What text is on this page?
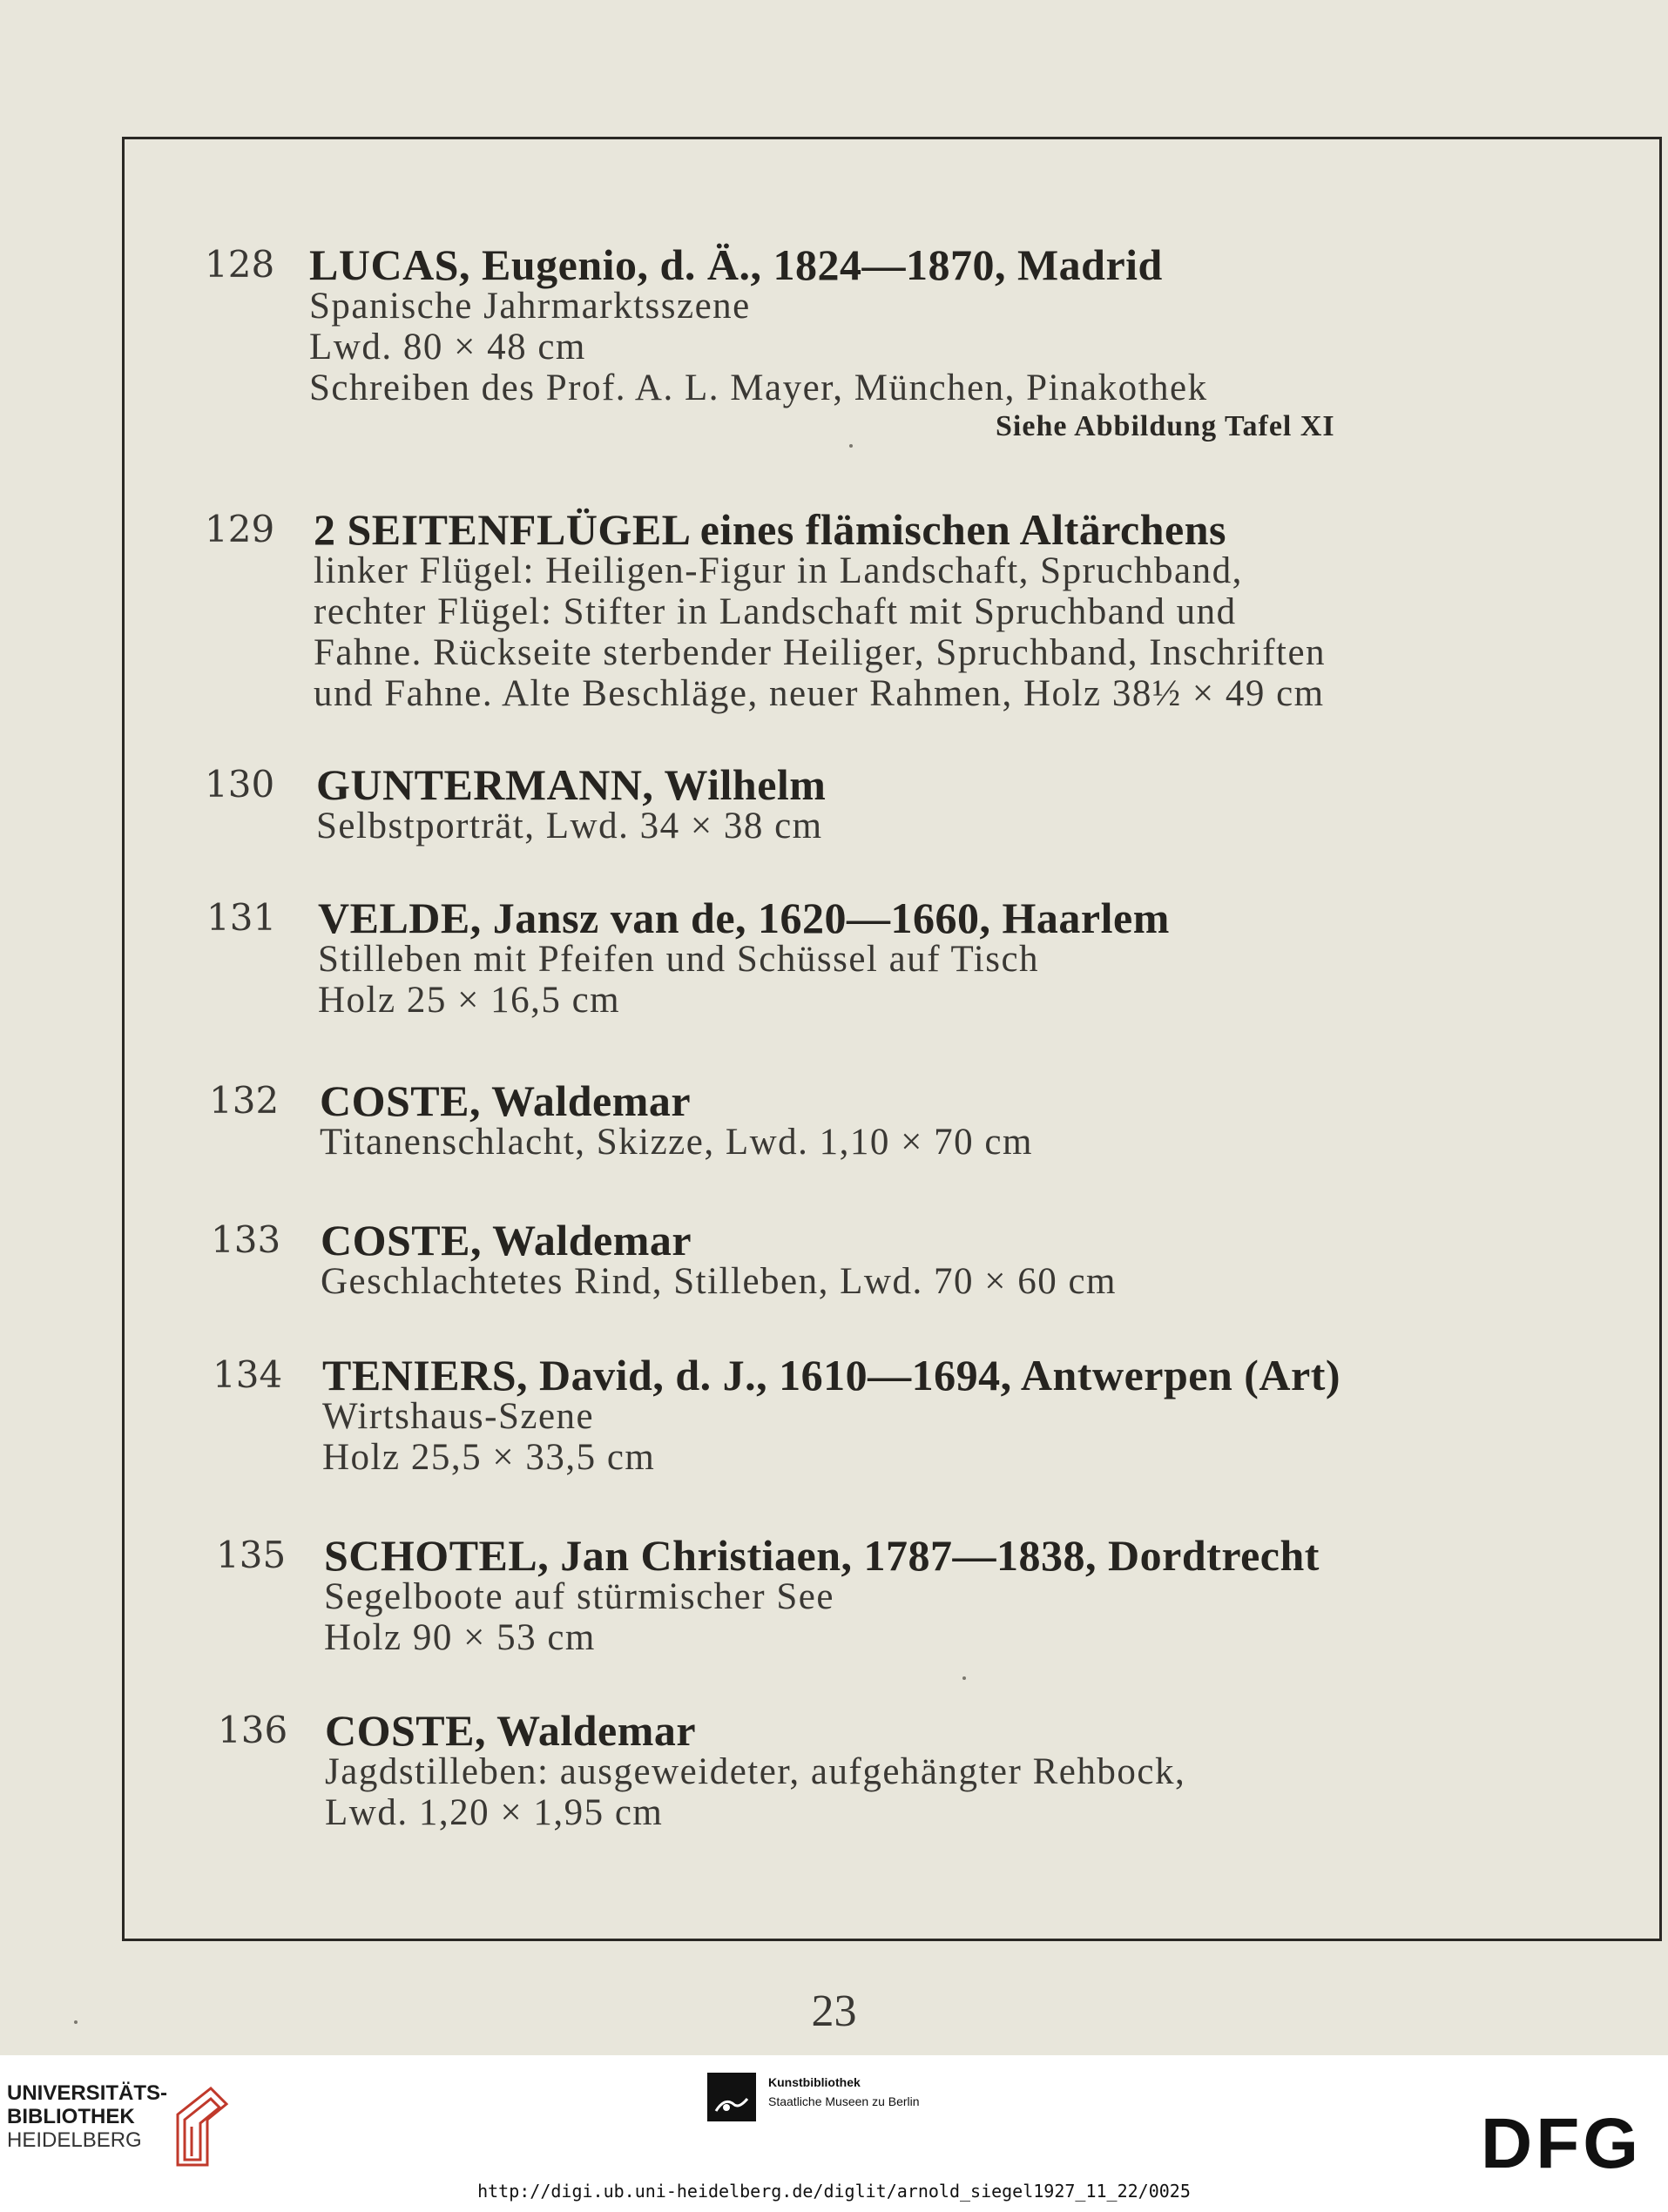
128 LUCAS, Eugenio, d. Ä., 1824—1870, Madrid
Spanische Jahrmarktsszene
Lwd. 80 × 48 cm
Schreiben des Prof. A. L. Mayer, München, Pinakothek
Siehe Abbildung Tafel XI
129 2 SEITENFLÜGEL eines flämischen Altärchens
linker Flügel: Heiligen-Figur in Landschaft, Spruchband,
rechter Flügel: Stifter in Landschaft mit Spruchband und
Fahne. Rückseite sterbender Heiliger, Spruchband, Inschriften
und Fahne. Alte Beschläge, neuer Rahmen, Holz 38½ × 49 cm
130 GUNTERMANN, Wilhelm
Selbstporträt, Lwd. 34 × 38 cm
131 VELDE, Jansz van de, 1620—1660, Haarlem
Stilleben mit Pfeifen und Schüssel auf Tisch
Holz 25 × 16,5 cm
132 COSTE, Waldemar
Titanenschlacht, Skizze, Lwd. 1,10 × 70 cm
133 COSTE, Waldemar
Geschlachtetes Rind, Stilleben, Lwd. 70 × 60 cm
134 TENIERS, David, d. J., 1610—1694, Antwerpen (Art)
Wirtshaus-Szene
Holz 25,5 × 33,5 cm
135 SCHOTEL, Jan Christiaen, 1787—1838, Dordtrecht
Segelboote auf stürmischer See
Holz 90 × 53 cm
136 COSTE, Waldemar
Jagdstilleben: ausgeweideter, aufgehängter Rehbock,
Lwd. 1,20 × 1,95 cm
23
UNIVERSITÄTS-
BIBLIOTHEK
HEIDELBERG
Kunstbibliothek
Staatliche Museen zu Berlin
DFG
http://digi.ub.uni-heidelberg.de/diglit/arnold_siegel1927_11_22/0025
